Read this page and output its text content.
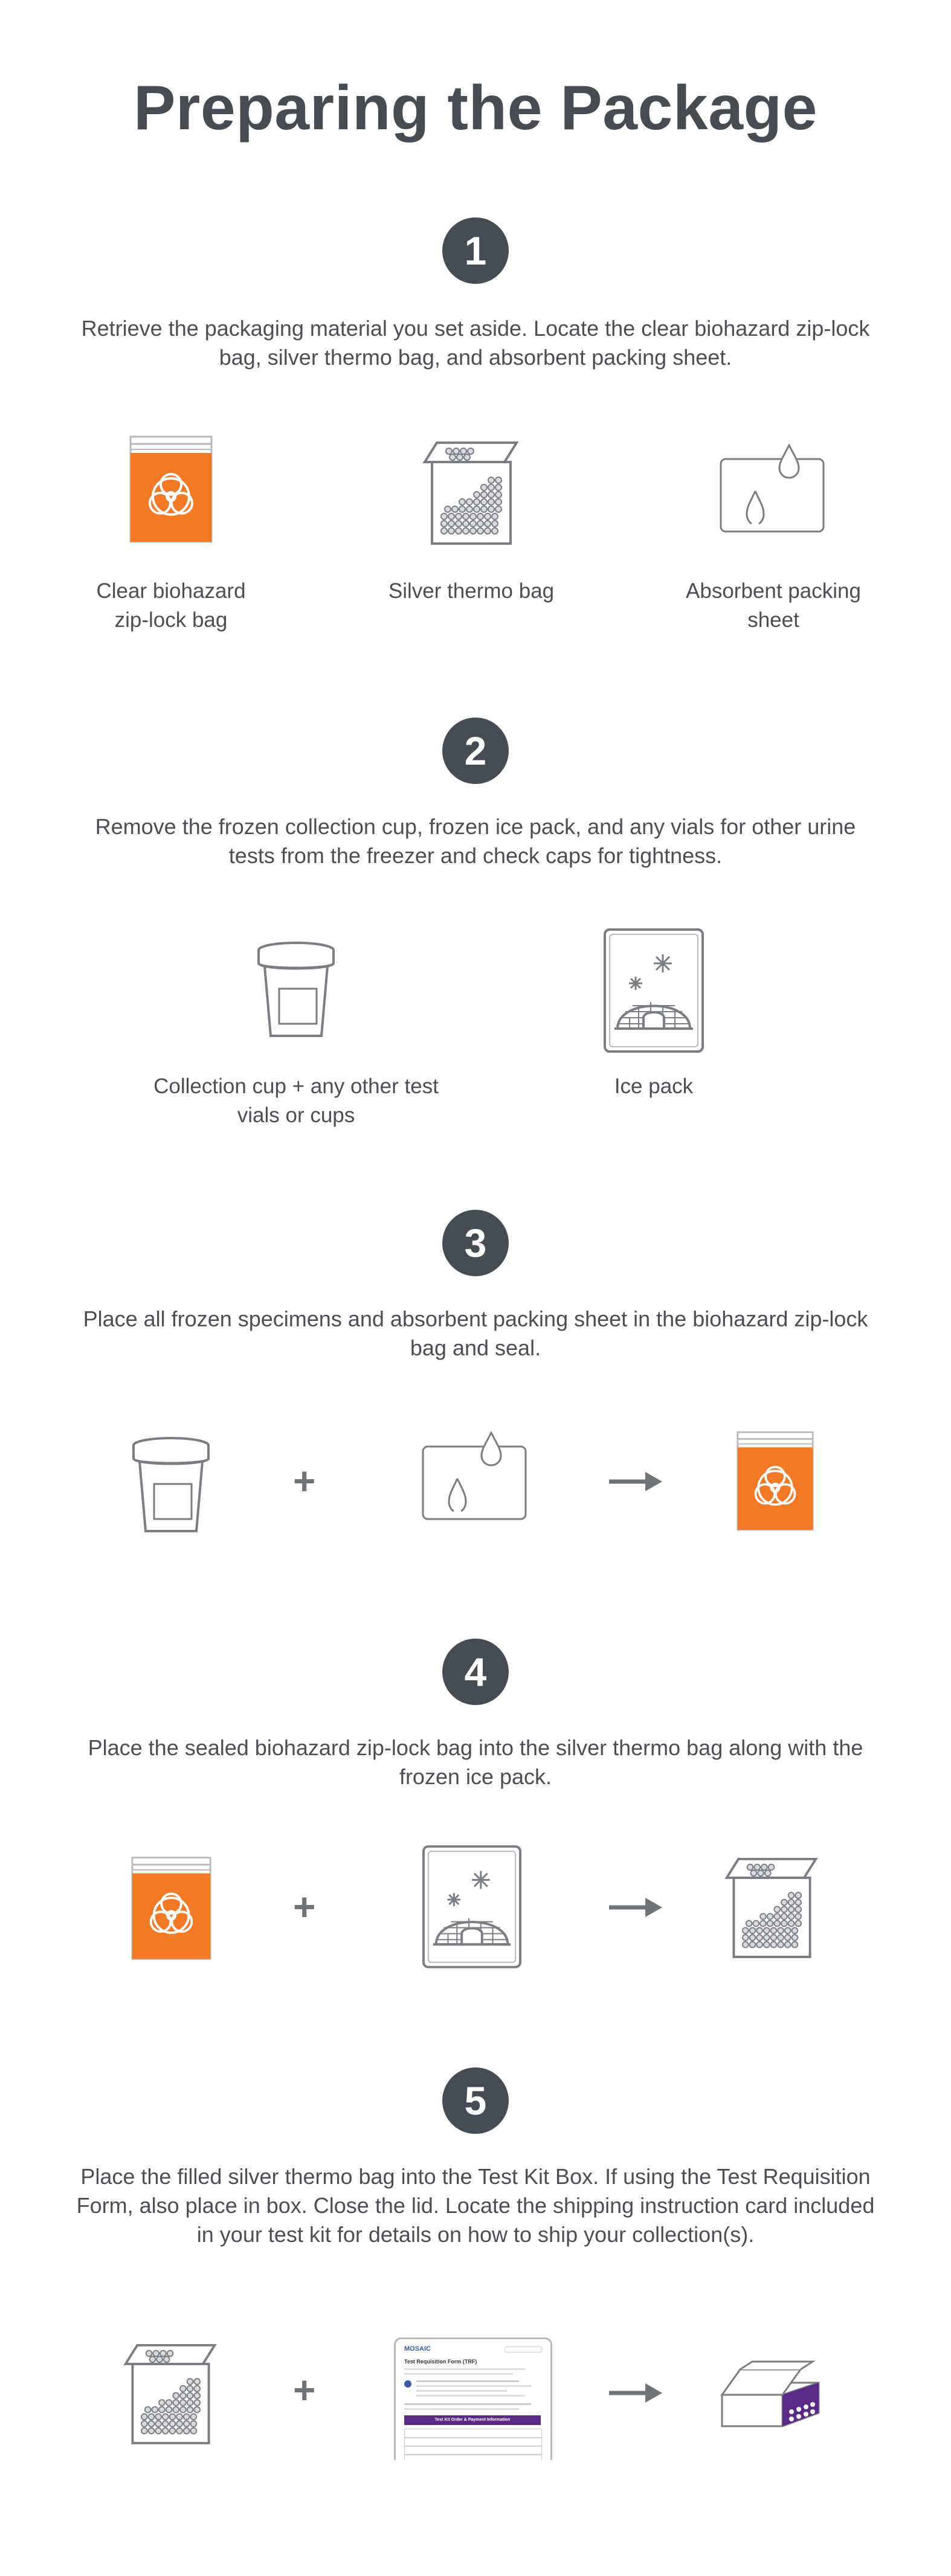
Preparing the Package
1
Retrieve the packaging material you set aside. Locate the clear biohazard zip-lock bag, silver thermo bag, and absorbent packing sheet.
Clear biohazard zip-lock bag
Silver thermo bag	Absorbent packing sheet
2
Remove the frozen collection cup, frozen ice pack, and any vials for other urine tests from the freezer and check caps for tightness.
Collection cup + any other test vials or cups
Ice pack
3
Place all frozen specimens and absorbent packing sheet in the biohazard zip-lock bag and seal.
+
4
Place the sealed biohazard zip-lock bag into the silver thermo bag along with the frozen ice pack.
+
5
Place the filled silver thermo bag into the Test Kit Box. If using the Test Requisition Form, also place in box. Close the lid. Locate the shipping instruction card included in your test kit for details on how to ship your collection(s).
+
MOSAIC
Test Requisition Form (TRF)
Test Kit Order & Payment Information
